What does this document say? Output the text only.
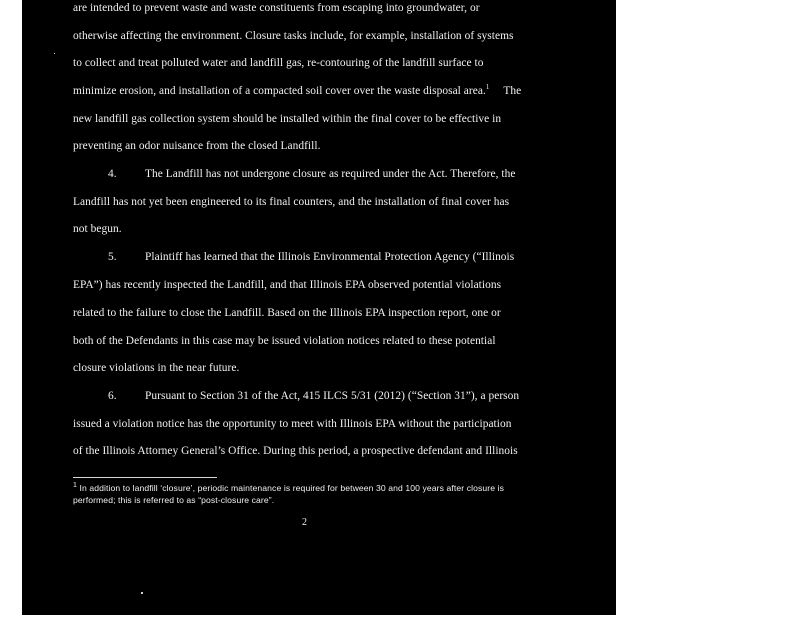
are intended to prevent waste and waste constituents from escaping into groundwater, or
otherwise affecting the environment. Closure tasks include, for example, installation of systems
to collect and treat polluted water and landfill gas, re-contouring of the landfill surface to
minimize erosion, and installation of a compacted soil cover over the waste disposal area.$^1$ The
new landfill gas collection system should be installed within the final cover to be effective in
preventing an odor nuisance from the closed Landfill.
4. The Landfill has not undergone closure as required under the Act. Therefore, the
Landfill has not yet been engineered to its final counters, and the installation of final cover has
not begun.
5. Plaintiff has learned that the Illinois Environmental Protection Agency (“Illinois
EPA”) has recently inspected the Landfill, and that Illinois EPA observed potential violations
related to the failure to close the Landfill. Based on the Illinois EPA inspection report, one or
both of the Defendants in this case may be issued violation notices related to these potential
closure violations in the near future.
6. Pursuant to Section 31 of the Act, 415 ILCS 5/31 (2012) (“Section 31”), a person
issued a violation notice has the opportunity to meet with Illinois EPA without the participation
of the Illinois Attorney General’s Office. During this period, a prospective defendant and Illinois
$^1$ In addition to landfill ‘closure’, periodic maintenance is required for between 30 and 100 years after closure is
performed; this is referred to as “post-closure care”.
2
